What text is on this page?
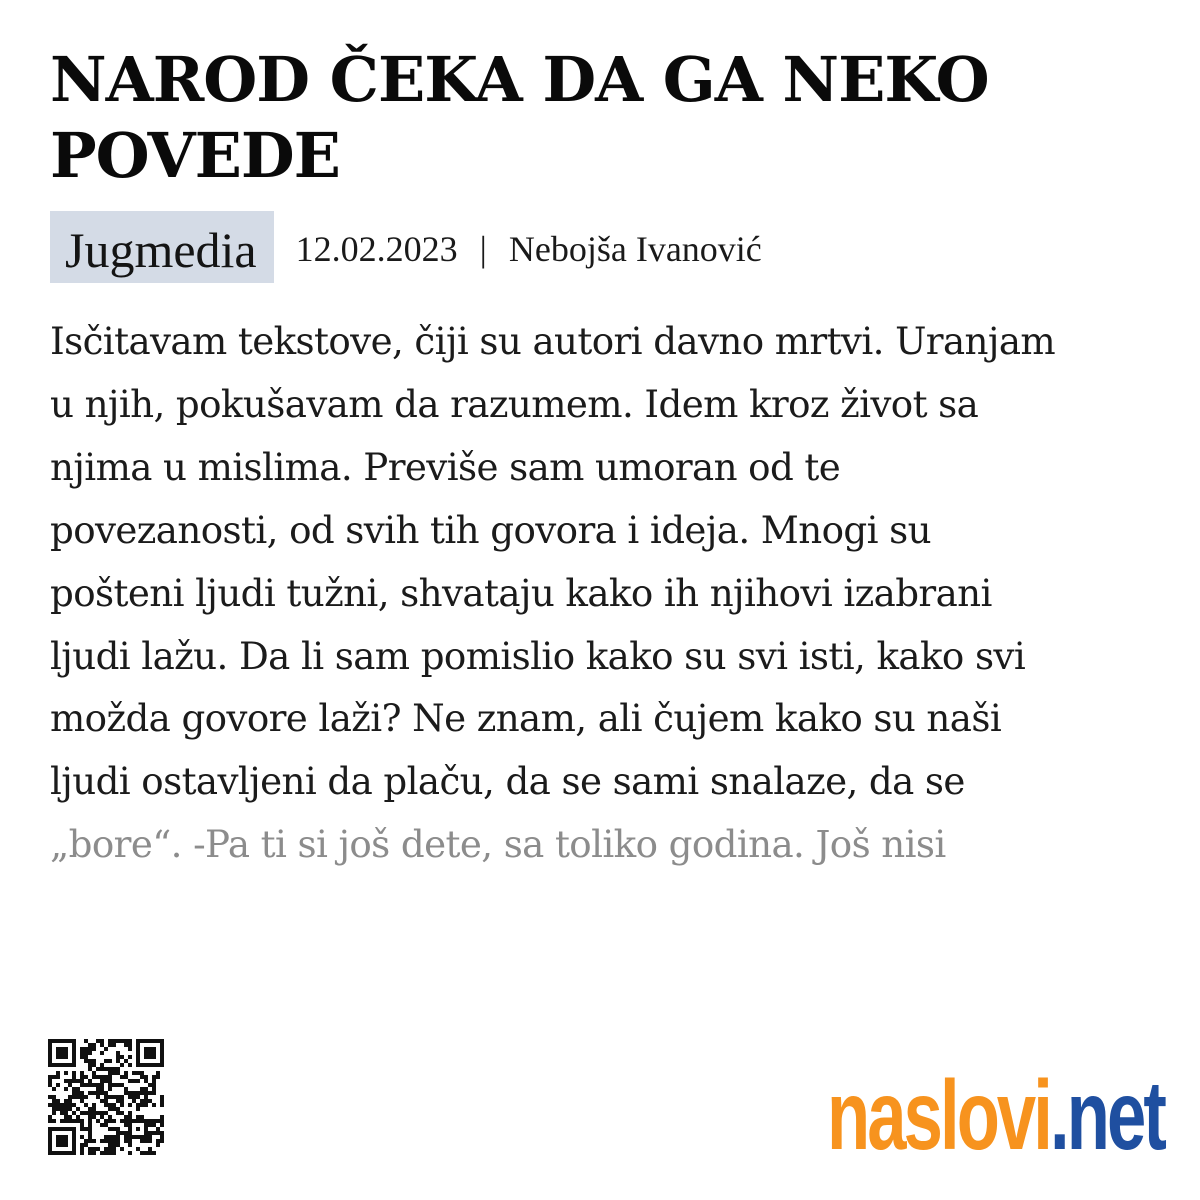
NAROD ČEKA DA GA NEKO POVEDE
Jugmedia	12.02.2023 | Nebojša Ivanović
Isčitavam tekstove, čiji su autori davno mrtvi. Uranjam
u njih, pokušavam da razumem. Idem kroz život sa
njima u mislima. Previše sam umoran od te
povezanosti, od svih tih govora i ideja. Mnogi su
pošteni ljudi tužni, shvataju kako ih njihovi izabrani
ljudi lažu. Da li sam pomislio kako su svi isti, kako svi
možda govore laži? Ne znam, ali čujem kako su naši
ljudi ostavljeni da plaču, da se sami snalaze, da se
„bore“. -Pa ti si još dete, sa toliko godina. Još nisi
naslovi .net
